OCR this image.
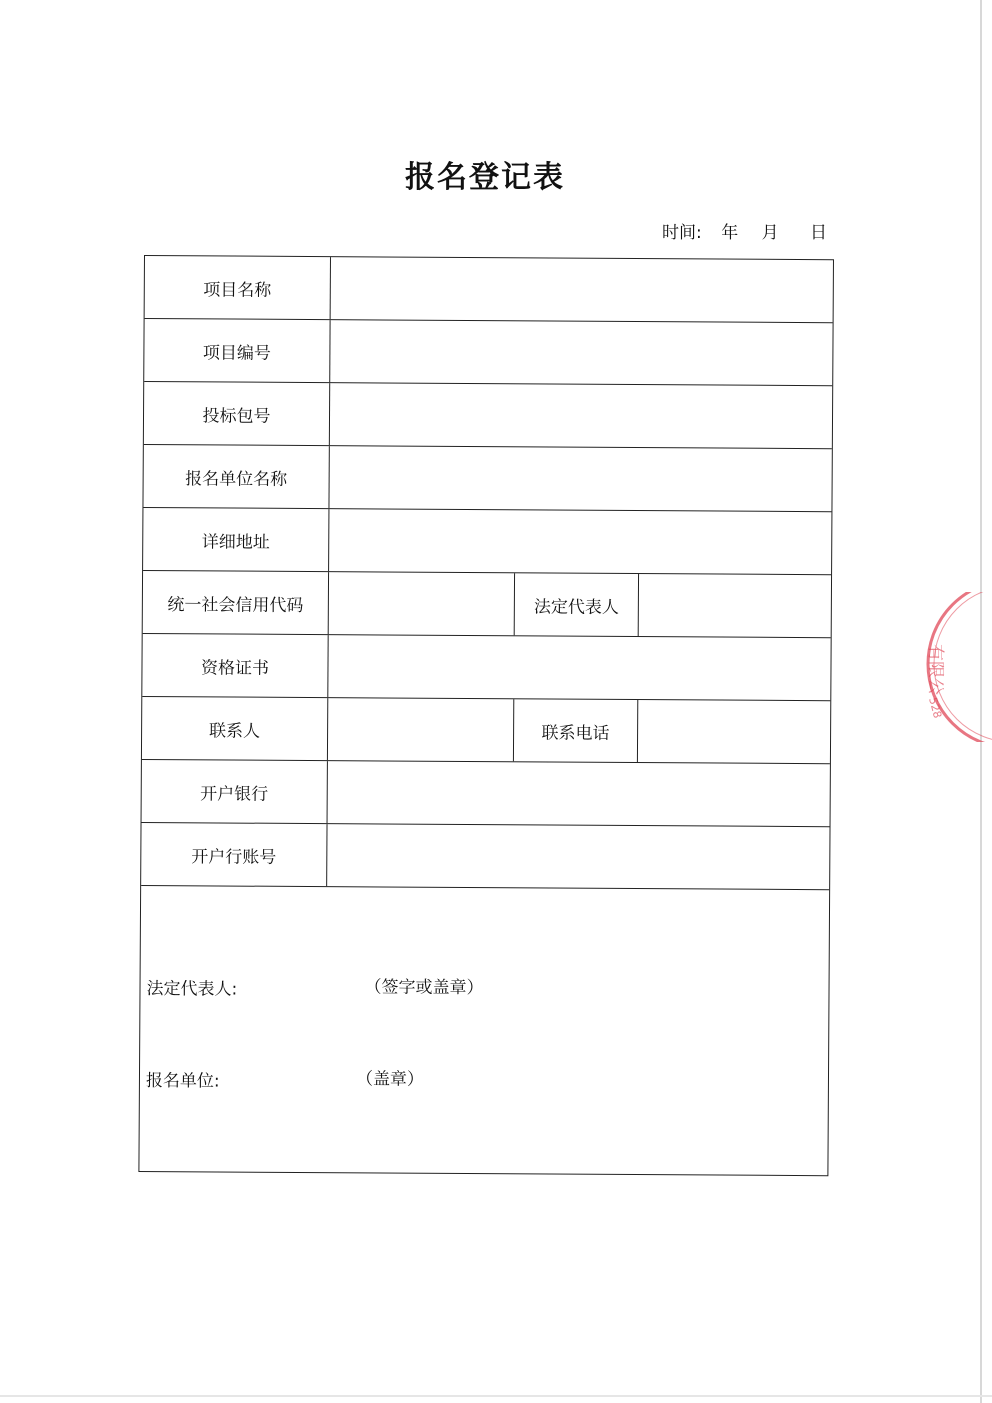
报名登记表
时间: 年 月 日
项目名称
项目编号
投标包号
报名单位名称
详细地址
统一社会信用代码	法定代表人
资格证书
联系人	联系电话
开户银行
开户行账号
法定代表人:	（签字或盖章）
报名单位:	（盖章）
有限公
528
